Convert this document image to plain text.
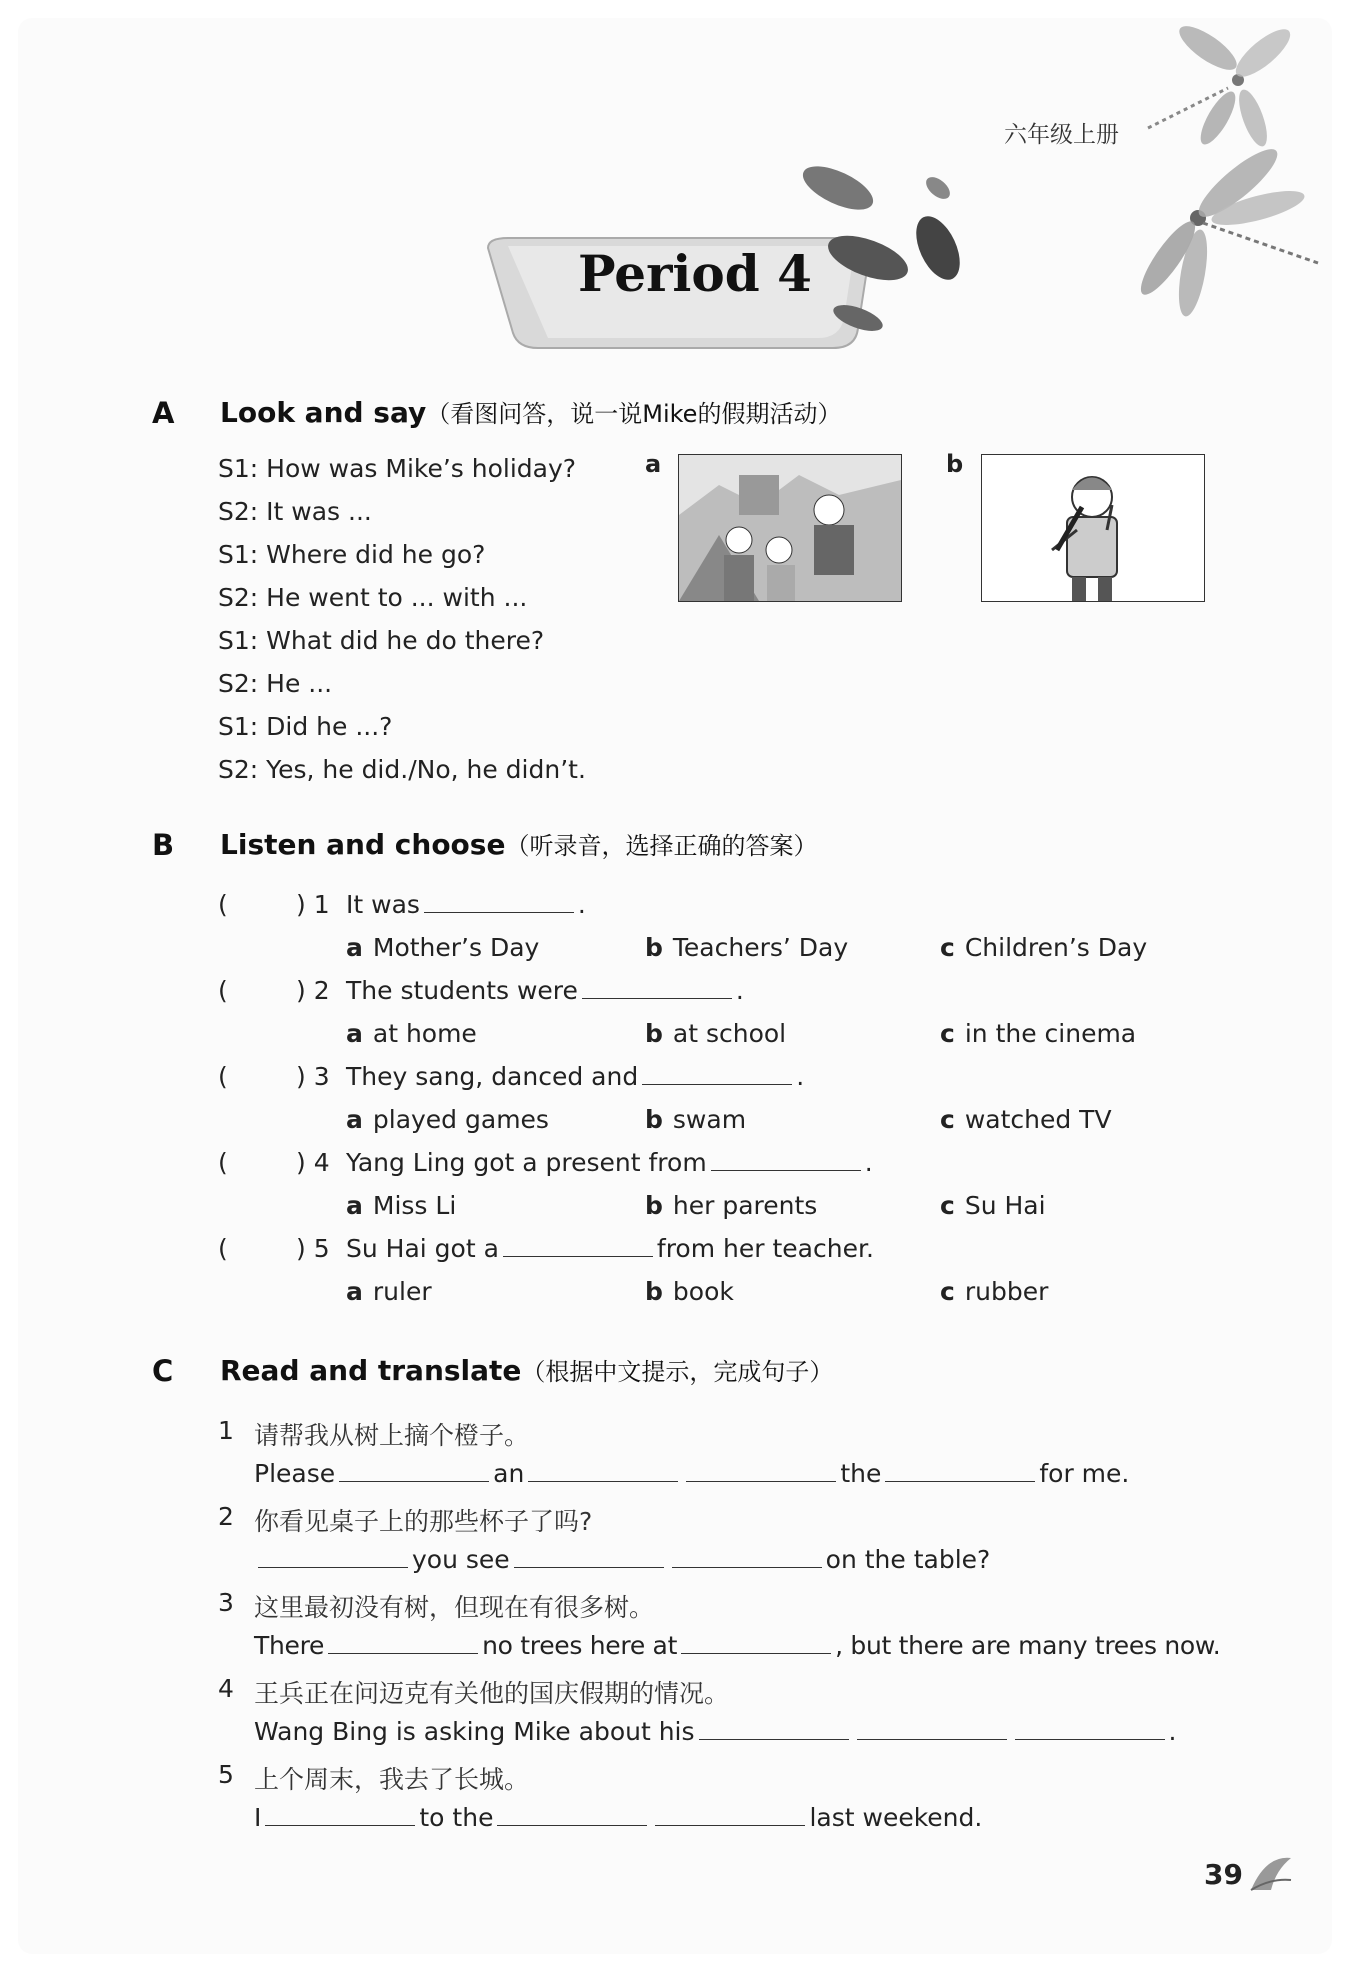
六年级上册
Period 4
A Look and say（看图问答，说一说Mike的假期活动）
S1: How was Mike’s holiday?
S2: It was ...
S1: Where did he go?
S2: He went to ... with ...
S1: What did he do there?
S2: He ...
S1: Did he ...?
S2: Yes, he did./No, he didn’t.
a	b
B Listen and choose（听录音，选择正确的答案）
(	) 1 It was	.
a Mother’s Day	b Teachers’ Day	c Children’s Day
(	) 2 The students were	.
a at home	b at school	c in the cinema
(	) 3 They sang, danced and	.
a played games	b swam	c watched TV
(	) 4 Yang Ling got a present from	.
a Miss Li	b her parents	c Su Hai
(	) 5 Su Hai got a	from her teacher.
a ruler	b book	c rubber
C Read and translate（根据中文提示，完成句子）
1 请帮我从树上摘个橙子。
Please	an	the	for me.
2 你看见桌子上的那些杯子了吗?
you see	on the table?
3 这里最初没有树，但现在有很多树。
There	no trees here at	, but there are many trees now.
4 王兵正在问迈克有关他的国庆假期的情况。
Wang Bing is asking Mike about his	.
5 上个周末，我去了长城。
I	to the	last weekend.
39
